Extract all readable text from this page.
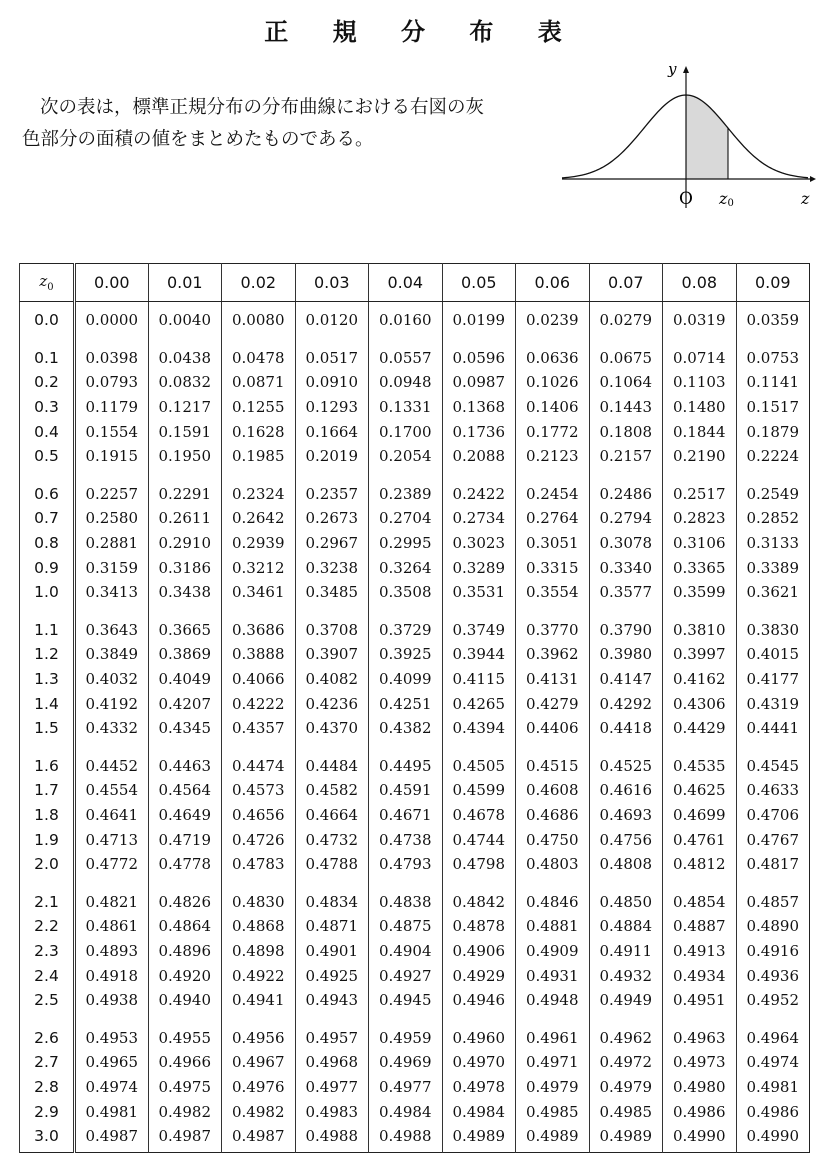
正 規 分 布 表
次の表は，標準正規分布の分布曲線における右図の灰
色部分の面積の値をまとめたものである。
y
O z0	z
$z_0$	0.00	0.01	0.02	0.03	0.04	0.05	0.06	0.07	0.08	0.09
0.0	0.0000	0.0040	0.0080	0.0120	0.0160	0.0199	0.0239	0.0279	0.0319	0.0359
0.1	0.0398	0.0438	0.0478	0.0517	0.0557	0.0596	0.0636	0.0675	0.0714	0.0753
0.2	0.0793	0.0832	0.0871	0.0910	0.0948	0.0987	0.1026	0.1064	0.1103	0.1141
0.3	0.1179	0.1217	0.1255	0.1293	0.1331	0.1368	0.1406	0.1443	0.1480	0.1517
0.4	0.1554	0.1591	0.1628	0.1664	0.1700	0.1736	0.1772	0.1808	0.1844	0.1879
0.5	0.1915	0.1950	0.1985	0.2019	0.2054	0.2088	0.2123	0.2157	0.2190	0.2224
0.6	0.2257	0.2291	0.2324	0.2357	0.2389	0.2422	0.2454	0.2486	0.2517	0.2549
0.7	0.2580	0.2611	0.2642	0.2673	0.2704	0.2734	0.2764	0.2794	0.2823	0.2852
0.8	0.2881	0.2910	0.2939	0.2967	0.2995	0.3023	0.3051	0.3078	0.3106	0.3133
0.9	0.3159	0.3186	0.3212	0.3238	0.3264	0.3289	0.3315	0.3340	0.3365	0.3389
1.0	0.3413	0.3438	0.3461	0.3485	0.3508	0.3531	0.3554	0.3577	0.3599	0.3621
1.1	0.3643	0.3665	0.3686	0.3708	0.3729	0.3749	0.3770	0.3790	0.3810	0.3830
1.2	0.3849	0.3869	0.3888	0.3907	0.3925	0.3944	0.3962	0.3980	0.3997	0.4015
1.3	0.4032	0.4049	0.4066	0.4082	0.4099	0.4115	0.4131	0.4147	0.4162	0.4177
1.4	0.4192	0.4207	0.4222	0.4236	0.4251	0.4265	0.4279	0.4292	0.4306	0.4319
1.5	0.4332	0.4345	0.4357	0.4370	0.4382	0.4394	0.4406	0.4418	0.4429	0.4441
1.6	0.4452	0.4463	0.4474	0.4484	0.4495	0.4505	0.4515	0.4525	0.4535	0.4545
1.7	0.4554	0.4564	0.4573	0.4582	0.4591	0.4599	0.4608	0.4616	0.4625	0.4633
1.8	0.4641	0.4649	0.4656	0.4664	0.4671	0.4678	0.4686	0.4693	0.4699	0.4706
1.9	0.4713	0.4719	0.4726	0.4732	0.4738	0.4744	0.4750	0.4756	0.4761	0.4767
2.0	0.4772	0.4778	0.4783	0.4788	0.4793	0.4798	0.4803	0.4808	0.4812	0.4817
2.1	0.4821	0.4826	0.4830	0.4834	0.4838	0.4842	0.4846	0.4850	0.4854	0.4857
2.2	0.4861	0.4864	0.4868	0.4871	0.4875	0.4878	0.4881	0.4884	0.4887	0.4890
2.3	0.4893	0.4896	0.4898	0.4901	0.4904	0.4906	0.4909	0.4911	0.4913	0.4916
2.4	0.4918	0.4920	0.4922	0.4925	0.4927	0.4929	0.4931	0.4932	0.4934	0.4936
2.5	0.4938	0.4940	0.4941	0.4943	0.4945	0.4946	0.4948	0.4949	0.4951	0.4952
2.6	0.4953	0.4955	0.4956	0.4957	0.4959	0.4960	0.4961	0.4962	0.4963	0.4964
2.7	0.4965	0.4966	0.4967	0.4968	0.4969	0.4970	0.4971	0.4972	0.4973	0.4974
2.8	0.4974	0.4975	0.4976	0.4977	0.4977	0.4978	0.4979	0.4979	0.4980	0.4981
2.9	0.4981	0.4982	0.4982	0.4983	0.4984	0.4984	0.4985	0.4985	0.4986	0.4986
3.0	0.4987	0.4987	0.4987	0.4988	0.4988	0.4989	0.4989	0.4989	0.4990	0.4990
